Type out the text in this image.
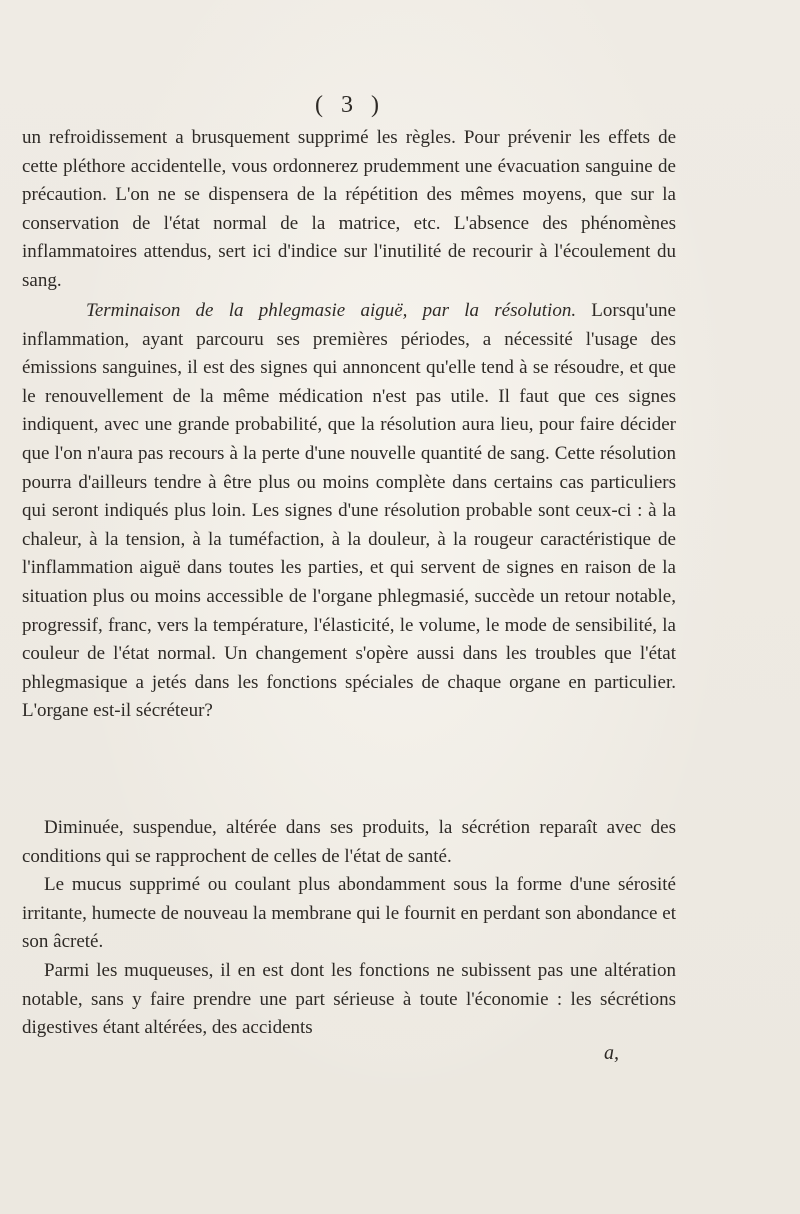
( 3 )

un refroidissement a brusquement supprimé les règles. Pour prévenir les effets de cette pléthore accidentelle, vous ordonnerez prudemment une évacuation sanguine de précaution. L'on ne se dispensera de la répétition des mêmes moyens, que sur la conservation de l'état normal de la matrice, etc. L'absence des phénomènes inflammatoires attendus, sert ici d'indice sur l'inutilité de recourir à l'écoulement du sang.

Terminaison de la phlegmasie aiguë, par la résolution. Lorsqu'une inflammation, ayant parcouru ses premières périodes, a nécessité l'usage des émissions sanguines, il est des signes qui annoncent qu'elle tend à se résoudre, et que le renouvellement de la même médication n'est pas utile. Il faut que ces signes indiquent, avec une grande probabilité, que la résolution aura lieu, pour faire décider que l'on n'aura pas recours à la perte d'une nouvelle quantité de sang. Cette résolution pourra d'ailleurs tendre à être plus ou moins complète dans certains cas particuliers qui seront indiqués plus loin. Les signes d'une résolution probable sont ceux-ci : à la chaleur, à la tension, à la tuméfaction, à la douleur, à la rougeur caractéristique de l'inflammation aiguë dans toutes les parties, et qui servent de signes en raison de la situation plus ou moins accessible de l'organe phlegmasié, succède un retour notable, progressif, franc, vers la température, l'élasticité, le volume, le mode de sensibilité, la couleur de l'état normal. Un changement s'opère aussi dans les troubles que l'état phlegmasique a jetés dans les fonctions spéciales de chaque organe en particulier. L'organe est-il sécréteur?

Diminuée, suspendue, altérée dans ses produits, la sécrétion reparaît avec des conditions qui se rapprochent de celles de l'état de santé.

Le mucus supprimé ou coulant plus abondamment sous la forme d'une sérosité irritante, humecte de nouveau la membrane qui le fournit en perdant son abondance et son âcreté.

Parmi les muqueuses, il en est dont les fonctions ne subissent pas une altération notable, sans y faire prendre une part sérieuse à toute l'économie : les sécrétions digestives étant altérées, des accidents

a,
